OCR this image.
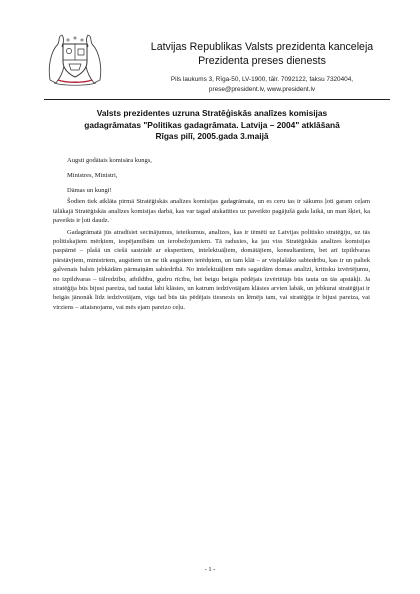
Latvijas Republikas Valsts prezidenta kanceleja
Prezidenta preses dienests
Pils laukums 3, Rīga-50, LV-1900, tālr. 7092122, faksu 7320404,
prese@president.lv, www.president.lv
Valsts prezidentes uzruna Stratēģiskās analīzes komisijas
gadagrāmatas "Politikas gadagrāmata. Latvija – 2004" atklāšanā
Rīgas pilī, 2005.gada 3.maijā
Augsti godātais komisāra kungs,
Ministres, Ministri,
Dāmas un kungi!

Šodien tiek atklāta pirmā Stratēģiskās analīzes komisijas gadagrāmata, un es ceru tas ir sākums ļoti garam ceļam tālākajā Stratēģiskās analīzes komisijas darbā, kas var tagad atskatīties uz paveikto pagājušā gada laikā, un man šķiet, ka paveikts ir ļoti daudz.

Gadagrāmatā jūs atradīsiet secinājumus, ieteikumus, analīzes, kas ir tēmēti uz Latvijas politisko stratēģiju, uz tās politiskajiem mērķiem, iespējamībām un ierobežojumiem. Tā radusies, ka jau viss Stratēģiskās analīzes komisijas paspārnē – plašā un ciešā sastrādē ar ekspertiem, intelektuāļiem, domātājiem, konsultantiem, bet arī izpildvaras pārstāvjiem, ministriem, augstiem un ne tik augstiem ierēdņiem, un tam klāt – ar visplašāko sabiedrību, kas ir un paliek galvenais balsts jebkādām pārmaiņām sabiedrībā. No intelektuāļiem mēs sagaidām domas analīzi, kritisku izvērtējumu, no izpildvaras – tālredzību, atbildību, gudru rīcību, bet beigu beigās pēdējais izvērtētājs būs tauta un tās apstākļi. Ja stratēģija būs bijusi pareiza, tad tautai labi klāsies, un katrum iedzīvotājam klāsies arvien labāk, un jebkurai stratēģijai ir beigās jānonāk līdz iedzīvotājam, vigs tad būs tās pēdējais tiesnesis un lēmējs tam, vai stratēģija ir bijusi pareiza, vai virziens – attaisnojams, vai mēs ejam pareizo ceļu.

- 1 -
